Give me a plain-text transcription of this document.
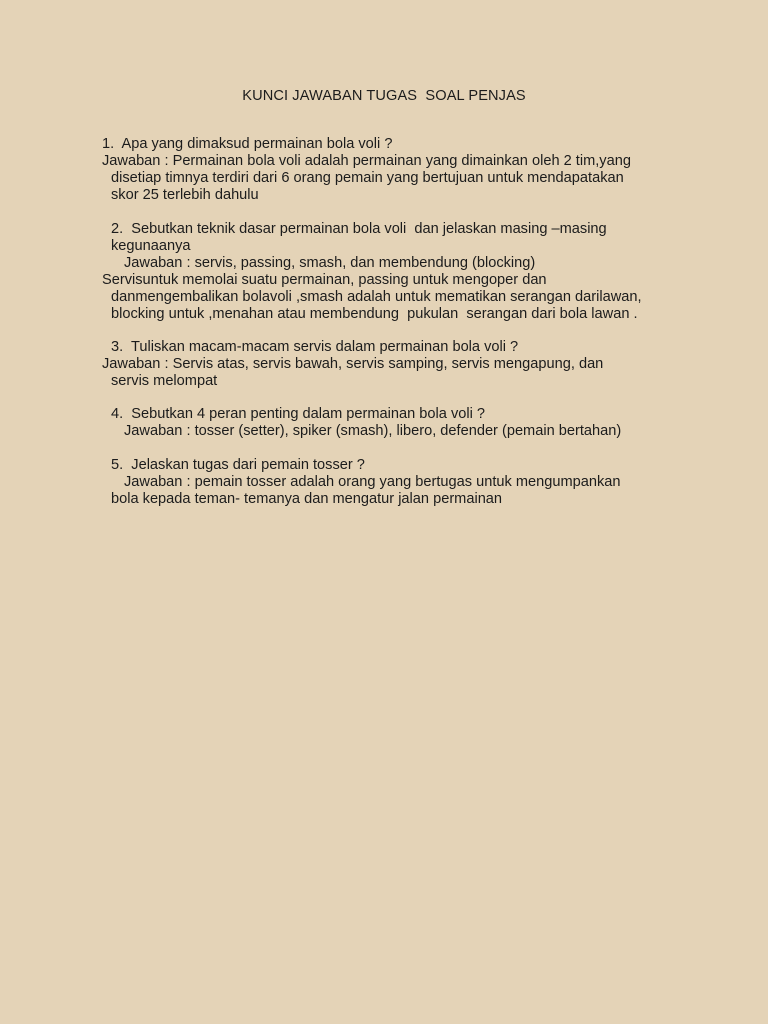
KUNCI JAWABAN TUGAS  SOAL PENJAS
1.  Apa yang dimaksud permainan bola voli ?
Jawaban : Permainan bola voli adalah permainan yang dimainkan oleh 2 tim,yang
disetiap timnya terdiri dari 6 orang pemain yang bertujuan untuk mendapatakan
skor 25 terlebih dahulu
2.  Sebutkan teknik dasar permainan bola voli  dan jelaskan masing –masing
kegunaanya
Jawaban : servis, passing, smash, dan membendung (blocking)
Servisuntuk memolai suatu permainan, passing untuk mengoper dan
danmengembalikan bolavoli ,smash adalah untuk mematikan serangan darilawan,
blocking untuk ,menahan atau membendung  pukulan  serangan dari bola lawan .
3.  Tuliskan macam-macam servis dalam permainan bola voli ?
Jawaban : Servis atas, servis bawah, servis samping, servis mengapung, dan
servis melompat
4.  Sebutkan 4 peran penting dalam permainan bola voli ?
Jawaban : tosser (setter), spiker (smash), libero, defender (pemain bertahan)
5.  Jelaskan tugas dari pemain tosser ?
Jawaban : pemain tosser adalah orang yang bertugas untuk mengumpankan
bola kepada teman- temanya dan mengatur jalan permainan
